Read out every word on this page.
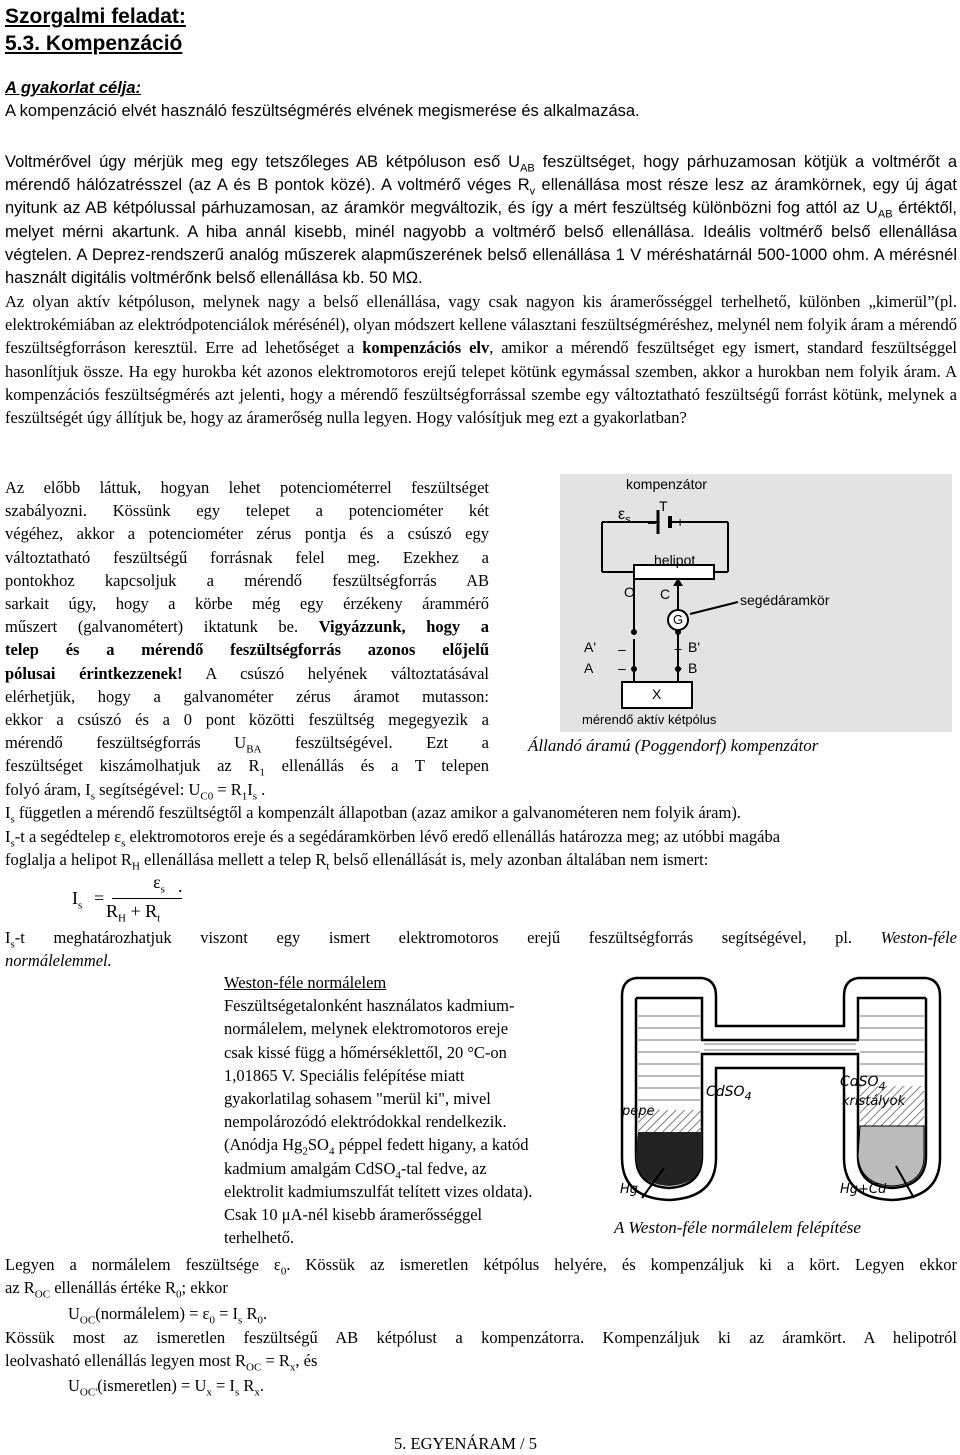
Szorgalmi feladat:
5.3. Kompenzáció
A gyakorlat célja:
A kompenzáció elvét használó feszültségmérés elvének megismerése és alkalmazása.
Voltmérővel úgy mérjük meg egy tetszőleges AB kétpóluson eső $U_{AB}$ feszültséget, hogy párhuzamosan kötjük a voltmérőt a mérendő hálózatrésszel (az A és B pontok közé). A voltmérő véges $R_v$ ellenállása most része lesz az áramkörnek, egy új ágat nyitunk az AB kétpólussal párhuzamosan, az áramkör megváltozik, és így a mért feszültség különbözni fog attól az $U_{AB}$ értéktől, melyet mérni akartunk. A hiba annál kisebb, minél nagyobb a voltmérő belső ellenállása. Ideális voltmérő belső ellenállása végtelen. A Deprez-rendszerű analóg műszerek alapműszerének belső ellenállása 1 V méréshatárnál 500-1000 ohm. A mérésnél használt digitális voltmérőnk belső ellenállása kb. 50 MΩ.
Az olyan aktív kétpóluson, melynek nagy a belső ellenállása, vagy csak nagyon kis áramerősséggel terhelhető, különben „kimerül”(pl. elektrokémiában az elektródpotenciálok mérésénél), olyan módszert kellene választani feszültségméréshez, melynél nem folyik áram a mérendő feszültségforráson keresztül. Erre ad lehetőséget a kompenzációs elv, amikor a mérendő feszültséget egy ismert, standard feszültséggel hasonlítjuk össze. Ha egy hurokba két azonos elektromotoros erejű telepet kötünk egymással szemben, akkor a hurokban nem folyik áram. A kompenzációs feszültségmérés azt jelenti, hogy a mérendő feszültségforrással szembe egy változtatható feszültségű forrást kötünk, melynek a feszültségét úgy állítjuk be, hogy az áramerőség nulla legyen. Hogy valósítjuk meg ezt a gyakorlatban?
Az előbb láttuk, hogyan lehet potenciométerrel feszültséget
szabályozni. Kössünk egy telepet a potenciométer két
végéhez, akkor a potenciométer zérus pontja és a csúszó egy
változtatható feszültségű forrásnak felel meg. Ezekhez a
pontokhoz kapcsoljuk a mérendő feszültségforrás AB
sarkait úgy, hogy a körbe még egy érzékeny árammérő
műszert (galvanométert) iktatunk be. Vigyázzunk, hogy a
telep és a mérendő feszültségforrás azonos előjelű
pólusai érintkezzenek! A csúszó helyének változtatásával
elérhetjük, hogy a galvanométer zérus áramot mutasson:
ekkor a csúszó és a 0 pont közötti feszültség megegyezik a
mérendő feszültségforrás $U_{BA}$ feszültségével. Ezt a
feszültséget kiszámolhatjuk az $R_1$ ellenállás és a T telepen
folyó áram, $I_s$ segítségével: $U_{C0} = R_1I_s$ .
kompenzátor
$\varepsilon_s$
T
– +
helipot
O C
G
segédáramkör
A' –	+ B'
A –	+ B
X
mérendő aktív kétpólus
Állandó áramú (Poggendorf) kompenzátor
$I_s$ független a mérendő feszültségtől a kompenzált állapotban (azaz amikor a galvanométeren nem folyik áram).
$I_s-t$ a segédtelep $\varepsilon_s$ elektromotoros ereje és a segédáramkörben lévő eredő ellenállás határozza meg; az utóbbi magába
foglalja a helipot $R_H$ ellenállása mellett a telep $R_t$ belső ellenállását is, mely azonban általában nem ismert:
$I_s$ =
$\varepsilon_s$
$R_H + R_t$
.
$I_s-t$ meghatározhatjuk viszont egy ismert elektromotoros erejű feszültségforrás segítségével, pl. Weston-féle
normálelemmel.
Weston-féle normálelem
Feszültségetalonként használatos kadmium-
normálelem, melynek elektromotoros ereje
csak kissé függ a hőmérséklettől, 20 °C-on
1,01865 V. Speciális felépítése miatt
gyakorlatilag sohasem "merül ki", mivel
nempolározódó elektródokkal rendelkezik.
(Anódja $Hg_2SO_4$ péppel fedett higany, a katód
kadmium amalgám CdSO$_4$-tal fedve, az
elektrolit kadmiumszulfát telített vizes oldata).
Csak 10 μA-nél kisebb áramerősséggel
terhelhető.
CdSO$_4$
CdSO$_4$
kristályok
pepe
Hg	Hg+Cd
A Weston-féle normálelem felépítése
Legyen a normálelem feszültsége $\varepsilon_0$. Kössük az ismeretlen kétpólus helyére, és kompenzáljuk ki a kört. Legyen ekkor
az $R_{OC}$ ellenállás értéke $R_0$; ekkor
$U_{OC}(normálelem) = \varepsilon_0 = I_s$ $R_0$.
Kössük most az ismeretlen feszültségű AB kétpólust a kompenzátorra. Kompenzáljuk ki az áramkört. A helipotról
leolvasható ellenállás legyen most $R_{OC} = R_x$, és
$U_{OC'}(ismeretlen) = U_x = I_s$ $R_x$.
5. EGYENÁRAM / 5
